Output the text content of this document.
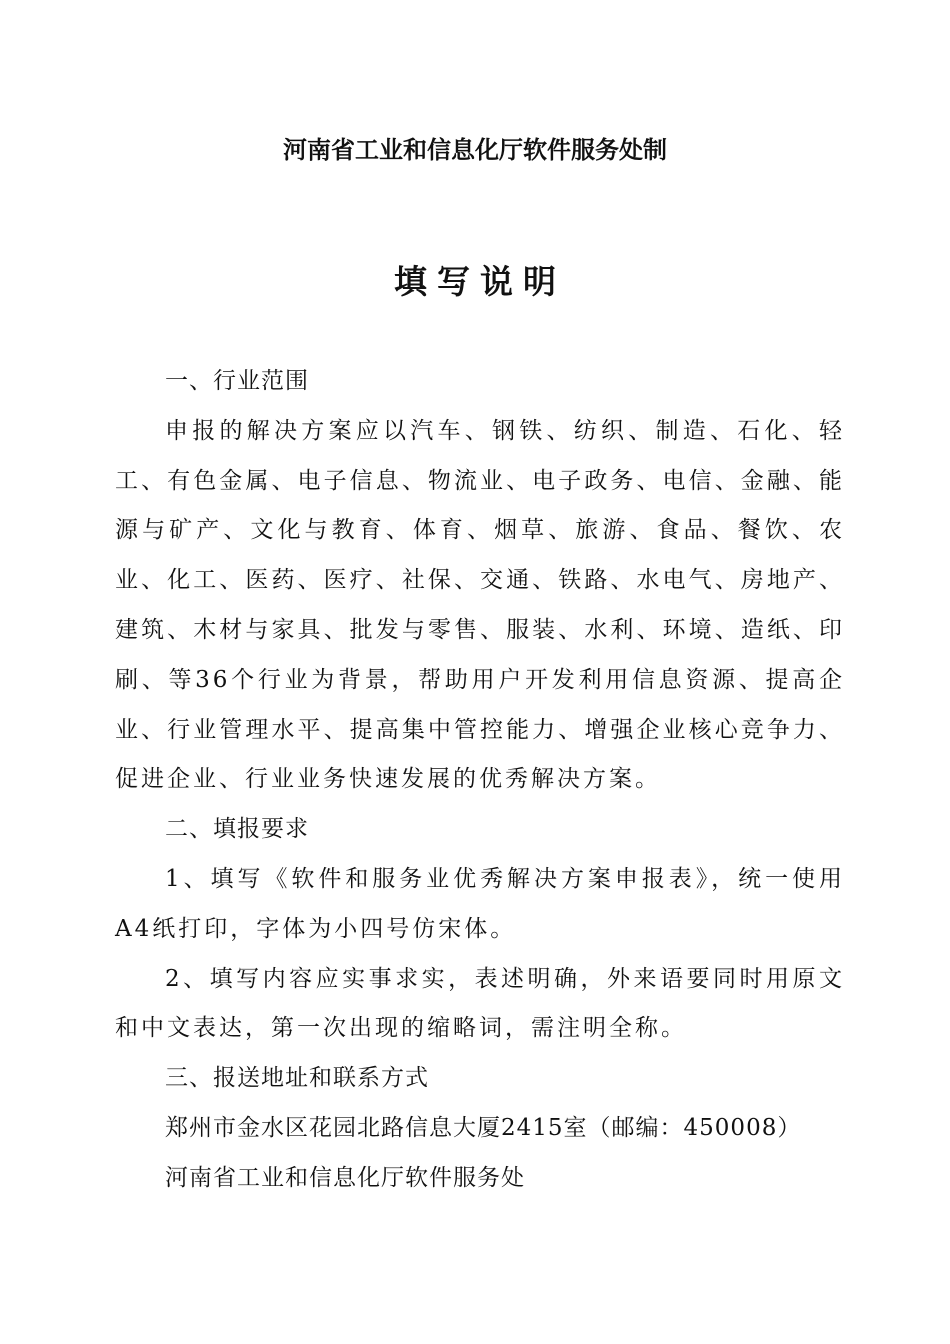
河南省工业和信息化厅软件服务处制
填写说明

一、行业范围

申报的解决方案应以汽车、钢铁、纺织、制造、石化、轻工、有色金属、电子信息、物流业、电子政务、电信、金融、能源与矿产、文化与教育、体育、烟草、旅游、食品、餐饮、农业、化工、医药、医疗、社保、交通、铁路、水电气、房地产、建筑、木材与家具、批发与零售、服装、水利、环境、造纸、印刷、等36个行业为背景，帮助用户开发利用信息资源、提高企业、行业管理水平、提高集中管控能力、增强企业核心竞争力、促进企业、行业业务快速发展的优秀解决方案。

二、填报要求

1、填写《软件和服务业优秀解决方案申报表》，统一使用A4纸打印，字体为小四号仿宋体。

2、填写内容应实事求实，表述明确，外来语要同时用原文和中文表达，第一次出现的缩略词，需注明全称。

三、报送地址和联系方式

郑州市金水区花园北路信息大厦2415室（邮编：450008）

河南省工业和信息化厅软件服务处
